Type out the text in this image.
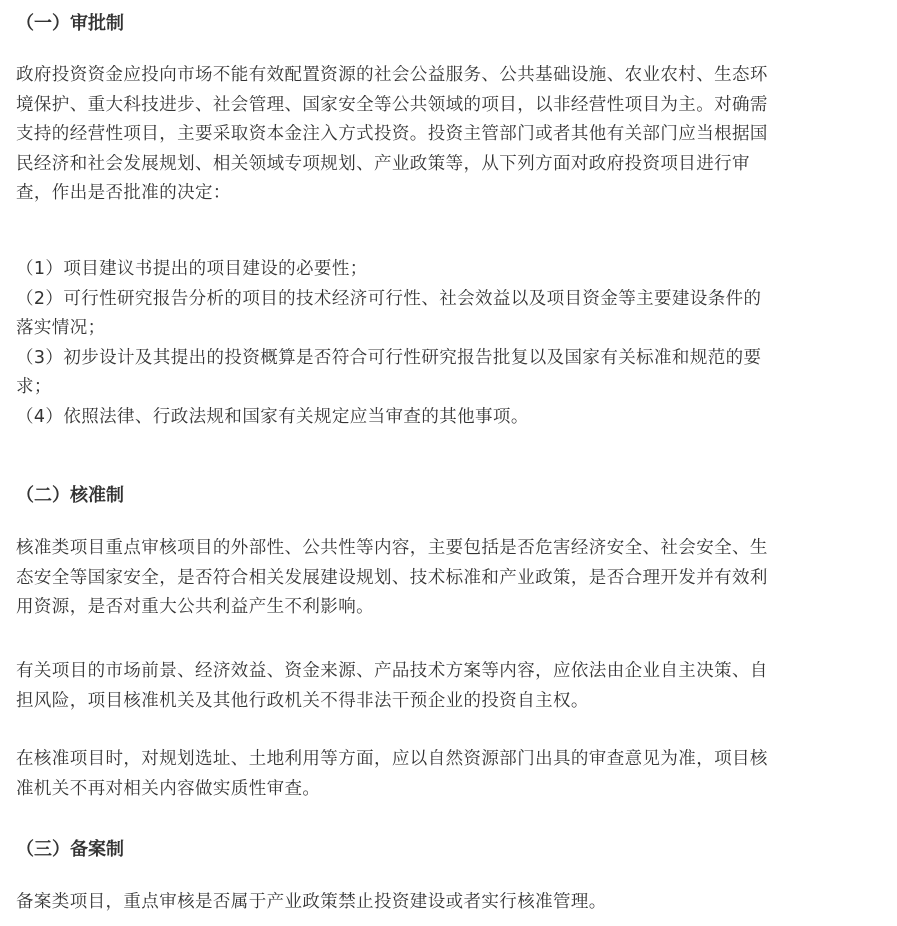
（一）审批制

政府投资资金应投向市场不能有效配置资源的社会公益服务、公共基础设施、农业农村、生态环
境保护、重大科技进步、社会管理、国家安全等公共领域的项目，以非经营性项目为主。对确需
支持的经营性项目，主要采取资本金注入方式投资。投资主管部门或者其他有关部门应当根据国
民经济和社会发展规划、相关领域专项规划、产业政策等，从下列方面对政府投资项目进行审
查，作出是否批准的决定：

（1）项目建议书提出的项目建设的必要性；
（2）可行性研究报告分析的项目的技术经济可行性、社会效益以及项目资金等主要建设条件的
落实情况；
（3）初步设计及其提出的投资概算是否符合可行性研究报告批复以及国家有关标准和规范的要
求；
（4）依照法律、行政法规和国家有关规定应当审查的其他事项。

（二）核准制

核准类项目重点审核项目的外部性、公共性等内容，主要包括是否危害经济安全、社会安全、生
态安全等国家安全，是否符合相关发展建设规划、技术标准和产业政策，是否合理开发并有效利
用资源，是否对重大公共利益产生不利影响。

有关项目的市场前景、经济效益、资金来源、产品技术方案等内容，应依法由企业自主决策、自
担风险，项目核准机关及其他行政机关不得非法干预企业的投资自主权。

在核准项目时，对规划选址、土地利用等方面，应以自然资源部门出具的审查意见为准，项目核
准机关不再对相关内容做实质性审查。

（三）备案制

备案类项目，重点审核是否属于产业政策禁止投资建设或者实行核准管理。
